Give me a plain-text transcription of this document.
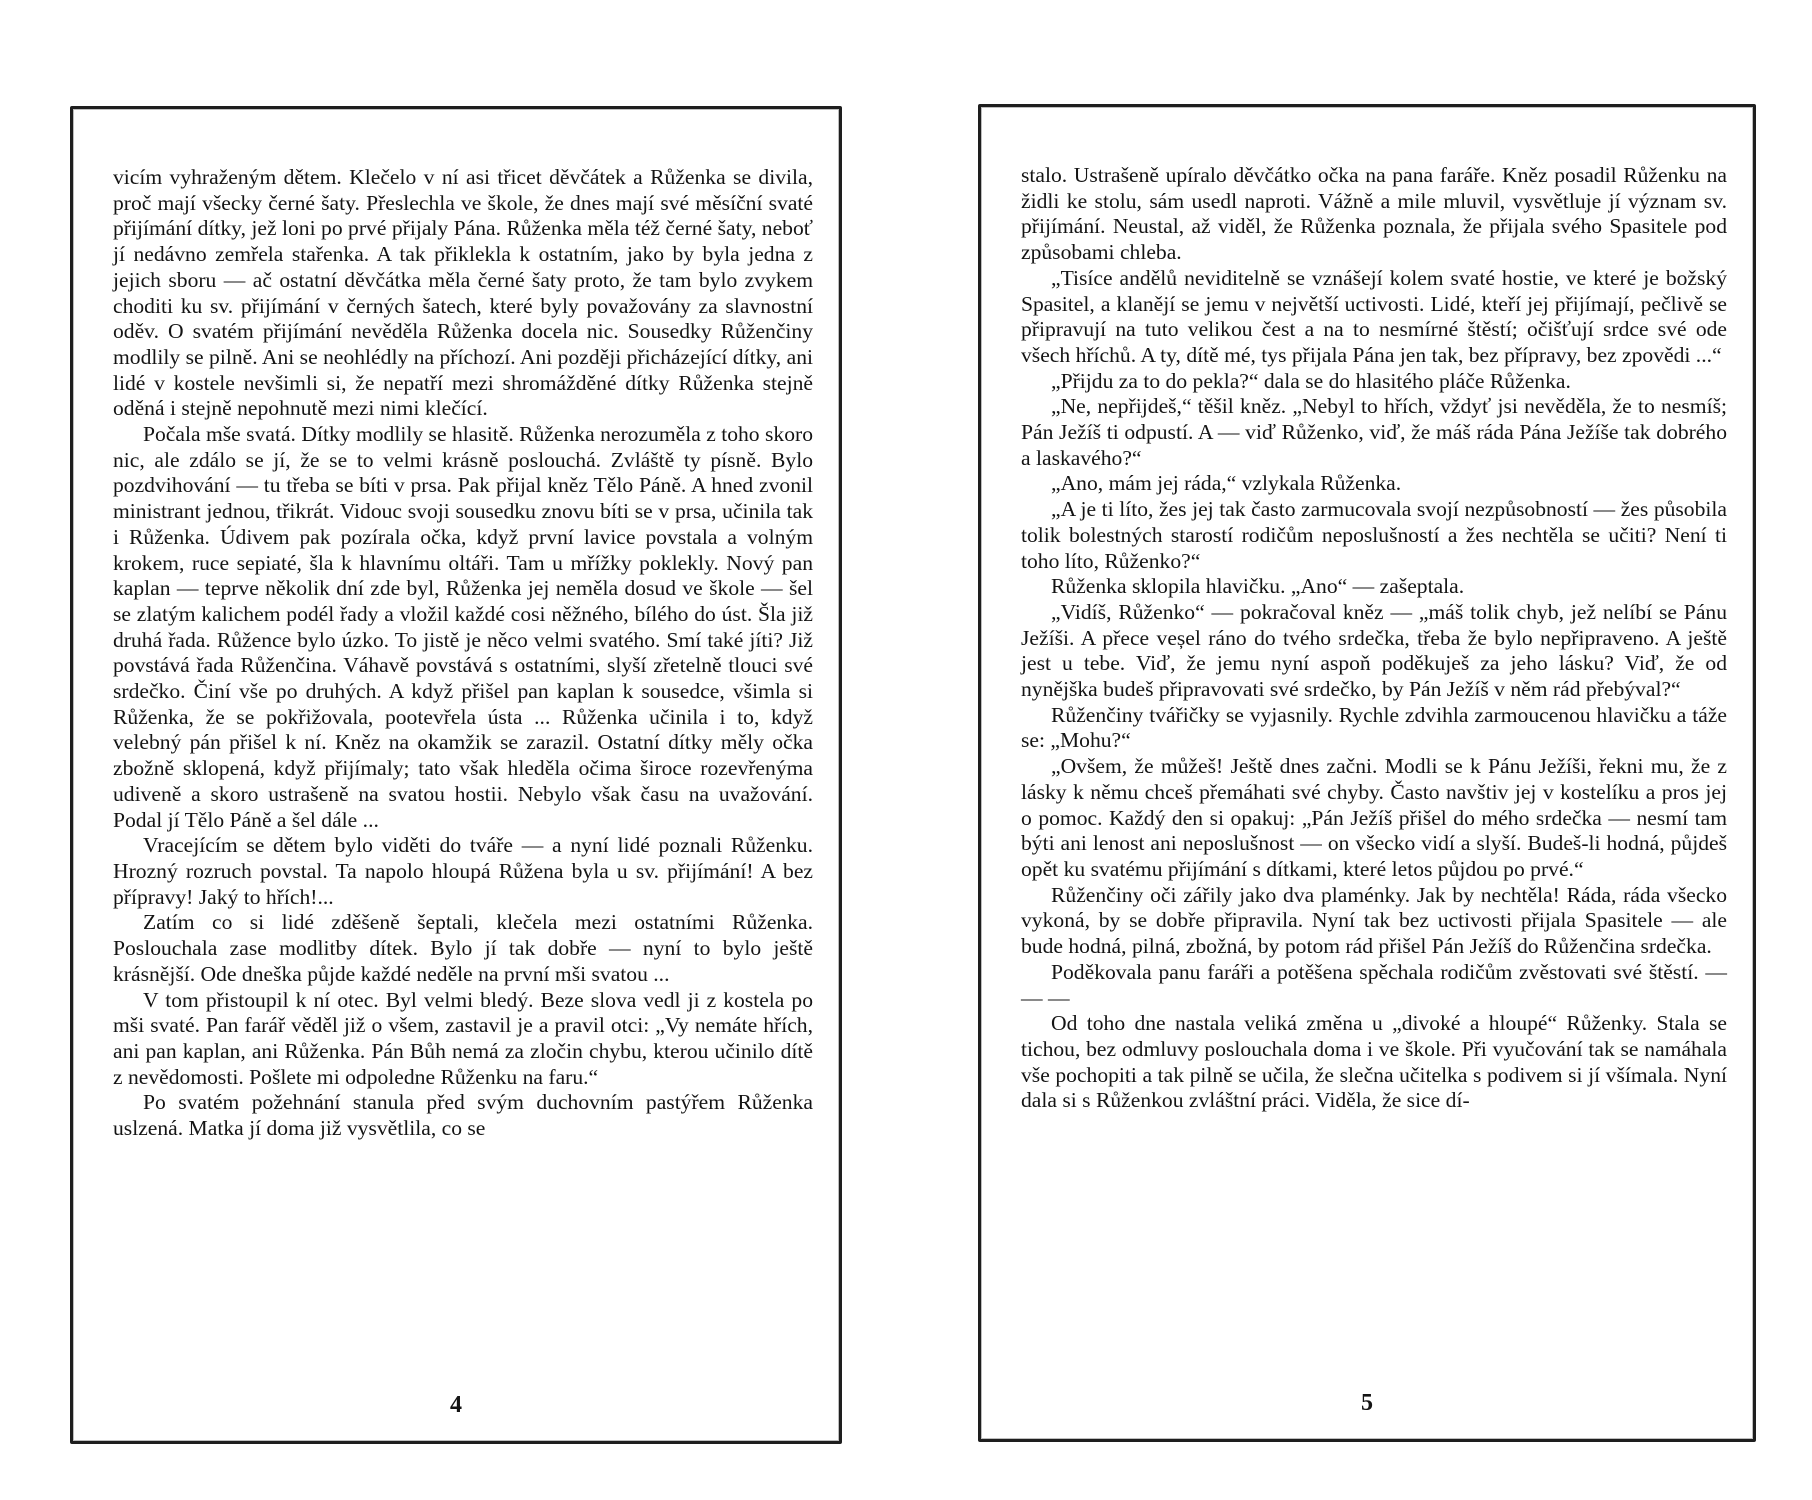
vicím vyhraženým dětem. Klečelo v ní asi třicet děvčátek a Růženka se divila, proč mají všecky černé šaty. Přeslechla ve škole, že dnes mají své měsíční svaté přijímání dítky, jež loni po prvé přijaly Pána. Růženka měla též černé šaty, neboť jí nedávno zemřela stařenka. A tak přiklekla k ostatním, jako by byla jedna z jejich sboru — ač ostatní děvčátka měla černé šaty proto, že tam bylo zvykem choditi ku sv. přijímání v černých šatech, které byly považovány za slavnostní oděv. O svatém přijímání nevěděla Růženka docela nic. Sousedky Růženčiny modlily se pilně. Ani se neohlédly na příchozí. Ani později přicházející dítky, ani lidé v kostele nevšimli si, že nepatří mezi shromážděné dítky Růženka stejně oděná i stejně nepohnutě mezi nimi klečící.

Počala mše svatá. Dítky modlily se hlasitě. Růženka nerozuměla z toho skoro nic, ale zdálo se jí, že se to velmi krásně poslouchá. Zvláště ty písně. Bylo pozdvihování — tu třeba se bíti v prsa. Pak přijal kněz Tělo Páně. A hned zvonil ministrant jednou, třikrát. Vidouc svoji sousedku znovu bíti se v prsa, učinila tak i Růženka. Údivem pak pozírala očka, když první lavice povstala a volným krokem, ruce sepiaté, šla k hlavnímu oltáři. Tam u mřížky poklekly. Nový pan kaplan — teprve několik dní zde byl, Růženka jej neměla dosud ve škole — šel se zlatým kalichem podél řady a vložil každé cosi něžného, bílého do úst. Šla již druhá řada. Růžence bylo úzko. To jistě je něco velmi svatého. Smí také jíti? Již povstává řada Růženčina. Váhavě povstává s ostatními, slyší zřetelně tlouci své srdečko. Činí vše po druhých. A když přišel pan kaplan k sousedce, všimla si Růženka, že se pokřižovala, pootevřela ústa ... Růženka učinila i to, když velebný pán přišel k ní. Kněz na okamžik se zarazil. Ostatní dítky měly očka zbožně sklopená, když přijímaly; tato však hleděla očima široce rozevřenýma udiveně a skoro ustrašeně na svatou hostii. Nebylo však času na uvažování. Podal jí Tělo Páně a šel dále ...

Vracejícím se dětem bylo viděti do tváře — a nyní lidé poznali Růženku. Hrozný rozruch povstal. Ta napolo hloupá Růžena byla u sv. přijímání! A bez přípravy! Jaký to hřích!...

Zatím co si lidé zděšeně šeptali, klečela mezi ostatními Růženka. Poslouchala zase modlitby dítek. Bylo jí tak dobře — nyní to bylo ještě krásnější. Ode dneška půjde každé neděle na první mši svatou ...

V tom přistoupil k ní otec. Byl velmi bledý. Beze slova vedl ji z kostela po mši svaté. Pan farář věděl již o všem, zastavil je a pravil otci: „Vy nemáte hřích, ani pan kaplan, ani Růženka. Pán Bůh nemá za zločin chybu, kterou učinilo dítě z nevědomosti. Pošlete mi odpoledne Růženku na faru.“

Po svatém požehnání stanula před svým duchovním pastýřem Růženka uslzená. Matka jí doma již vysvětlila, co se

4

stalo. Ustrašeně upíralo děvčátko očka na pana faráře. Kněz posadil Růženku na židli ke stolu, sám usedl naproti. Vážně a mile mluvil, vysvětluje jí význam sv. přijímání. Neustal, až viděl, že Růženka poznala, že přijala svého Spasitele pod způsobami chleba.

„Tisíce andělů neviditelně se vznášejí kolem svaté hostie, ve které je božský Spasitel, a klanějí se jemu v největší uctivosti. Lidé, kteří jej přijímají, pečlivě se připravují na tuto velikou čest a na to nesmírné štěstí; očišťují srdce své ode všech hříchů. A ty, dítě mé, tys přijala Pána jen tak, bez přípravy, bez zpovědi ...“

„Přijdu za to do pekla?“ dala se do hlasitého pláče Růženka.

„Ne, nepřijdeš,“ těšil kněz. „Nebyl to hřích, vždyť jsi nevěděla, že to nesmíš; Pán Ježíš ti odpustí. A — viď Růženko, viď, že máš ráda Pána Ježíše tak dobrého a laskavého?“

„Ano, mám jej ráda,“ vzlykala Růženka.

„A je ti líto, žes jej tak často zarmucovala svojí nezpůsobností — žes působila tolik bolestných starostí rodičům neposlušností a žes nechtěla se učiti? Není ti toho líto, Růženko?“

Růženka sklopila hlavičku. „Ano“ — zašeptala.

„Vidíš, Růženko“ — pokračoval kněz — „máš tolik chyb, jež nelíbí se Pánu Ježíši. A přece veșel ráno do tvého srdečka, třeba že bylo nepřipraveno. A ještě jest u tebe. Viď, že jemu nyní aspoň poděkuješ za jeho lásku? Viď, že od nynějška budeš připravovati své srdečko, by Pán Ježíš v něm rád přebýval?“

Růženčiny tvářičky se vyjasnily. Rychle zdvihla zarmoucenou hlavičku a táže se: „Mohu?“

„Ovšem, že můžeš! Ještě dnes začni. Modli se k Pánu Ježíši, řekni mu, že z lásky k němu chceš přemáhati své chyby. Často navštiv jej v kostelíku a pros jej o pomoc. Každý den si opakuj: „Pán Ježíš přišel do mého srdečka — nesmí tam býti ani lenost ani neposlušnost — on všecko vidí a slyší. Budeš-li hodná, půjdeš opět ku svatému přijímání s dítkami, které letos půjdou po prvé.“

Růženčiny oči zářily jako dva plaménky. Jak by nechtěla! Ráda, ráda všecko vykoná, by se dobře připravila. Nyní tak bez uctivosti přijala Spasitele — ale bude hodná, pilná, zbožná, by potom rád přišel Pán Ježíš do Růženčina srdečka.

Poděkovala panu faráři a potěšena spěchala rodičům zvěstovati své štěstí. — — —

Od toho dne nastala veliká změna u „divoké a hloupé“ Růženky. Stala se tichou, bez odmluvy poslouchala doma i ve škole. Při vyučování tak se namáhala vše pochopiti a tak pilně se učila, že slečna učitelka s podivem si jí všímala. Nyní dala si s Růženkou zvláštní práci. Viděla, že sice dí-

5
